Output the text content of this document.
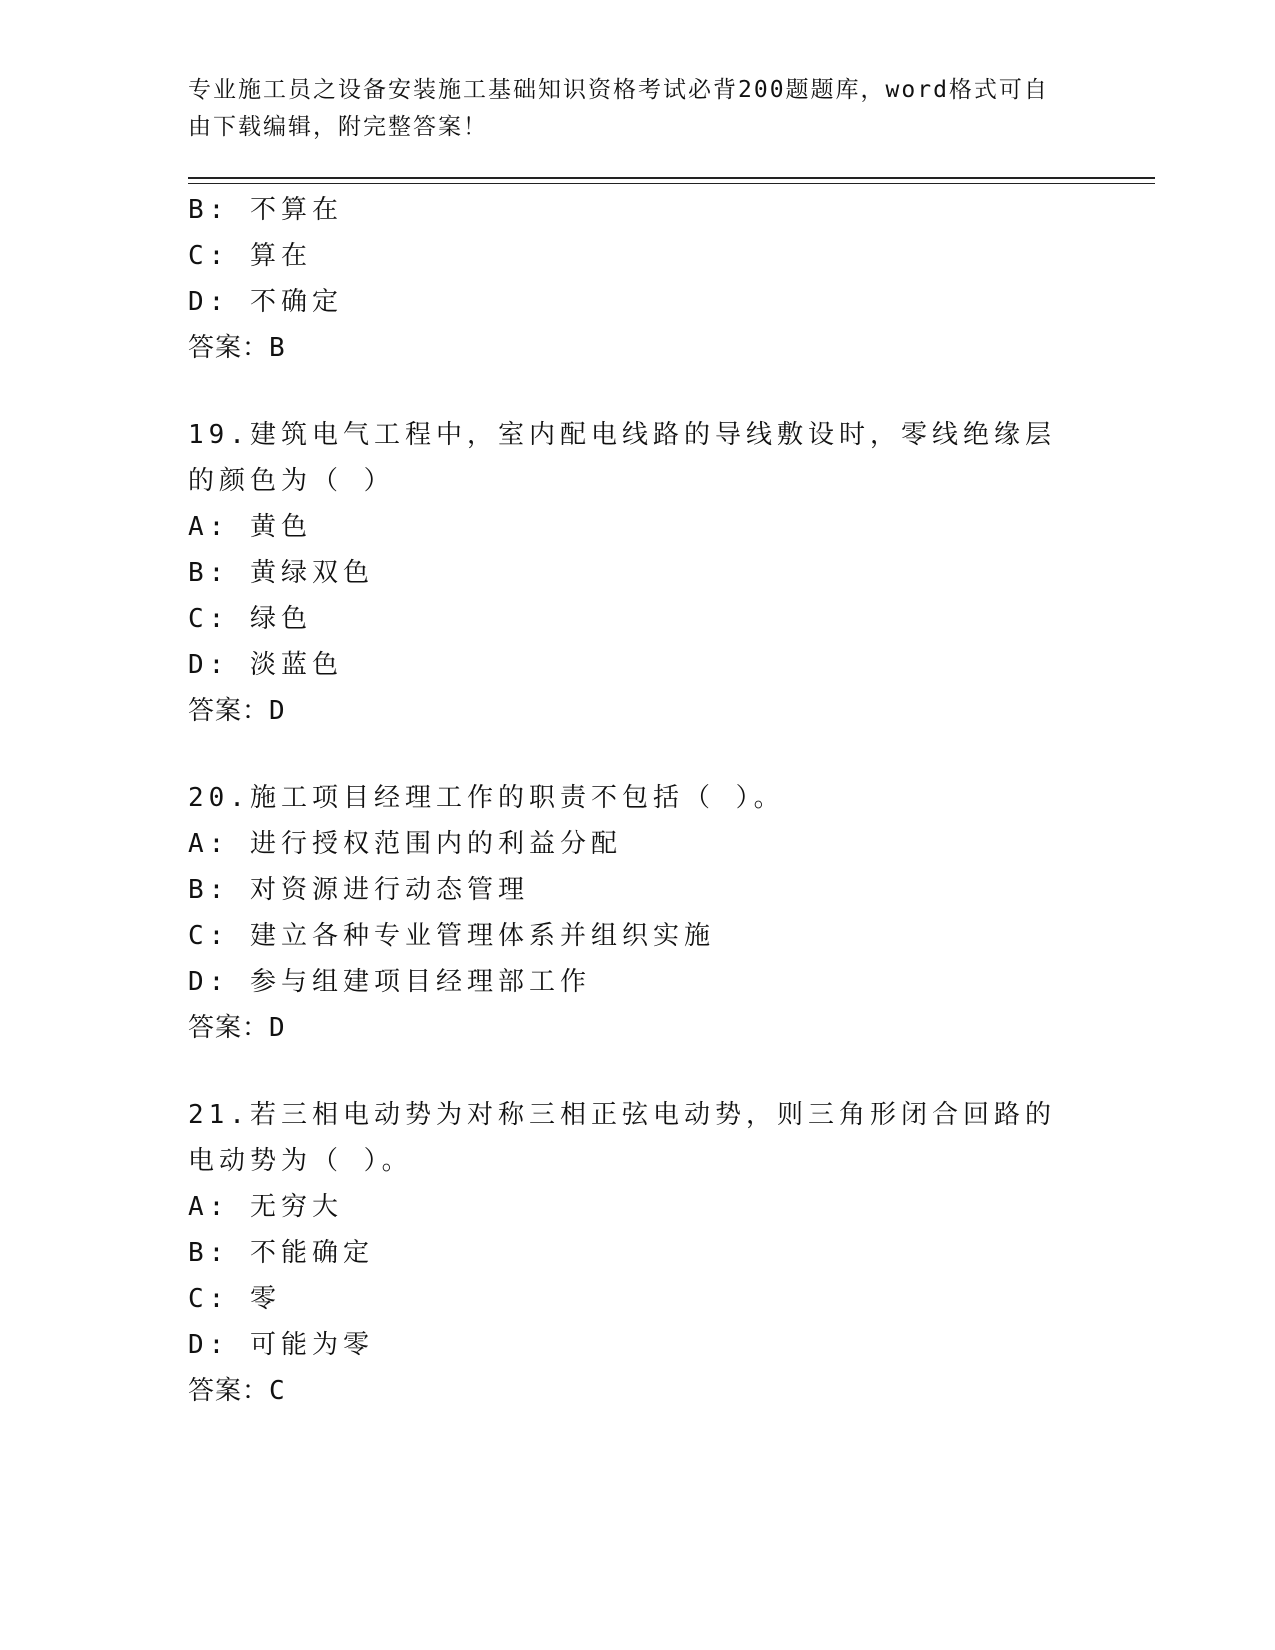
专业施工员之设备安装施工基础知识资格考试必背200题题库，word格式可自由下载编辑，附完整答案！
B: 不算在
C: 算在
D: 不确定
答案：B
19.建筑电气工程中，室内配电线路的导线敷设时，零线绝缘层的颜色为（ ）
A: 黄色
B: 黄绿双色
C: 绿色
D: 淡蓝色
答案：D
20.施工项目经理工作的职责不包括（ ）。
A: 进行授权范围内的利益分配
B: 对资源进行动态管理
C: 建立各种专业管理体系并组织实施
D: 参与组建项目经理部工作
答案：D
21.若三相电动势为对称三相正弦电动势，则三角形闭合回路的电动势为（ ）。
A: 无穷大
B: 不能确定
C: 零
D: 可能为零
答案：C
